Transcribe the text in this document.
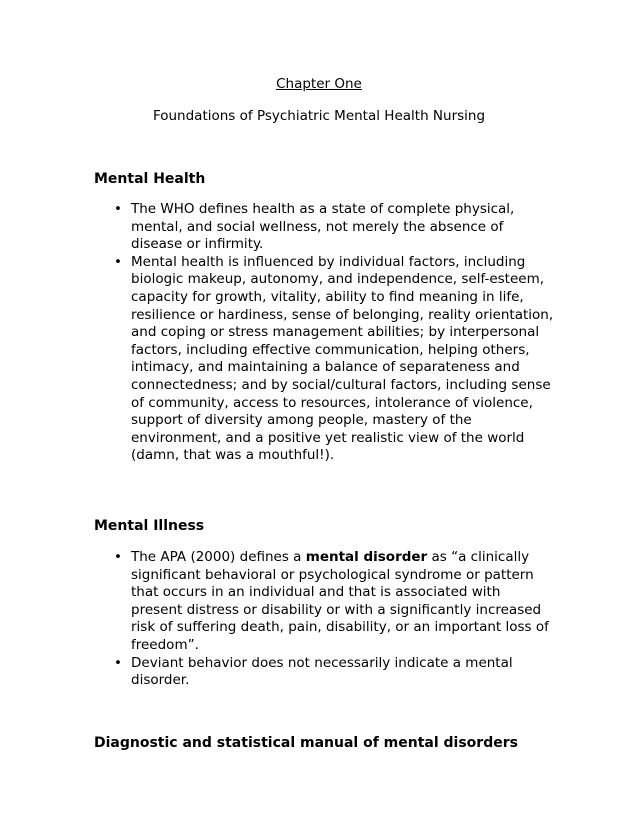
Chapter One
Foundations of Psychiatric Mental Health Nursing
Mental Health
• The WHO defines health as a state of complete physical, mental, and social wellness, not merely the absence of disease or infirmity.
• Mental health is influenced by individual factors, including biologic makeup, autonomy, and independence, self-esteem, capacity for growth, vitality, ability to find meaning in life, resilience or hardiness, sense of belonging, reality orientation, and coping or stress management abilities; by interpersonal factors, including effective communication, helping others, intimacy, and maintaining a balance of separateness and connectedness; and by social/cultural factors, including sense of community, access to resources, intolerance of violence, support of diversity among people, mastery of the environment, and a positive yet realistic view of the world (damn, that was a mouthful!).
Mental Illness
• The APA (2000) defines a mental disorder as “a clinically significant behavioral or psychological syndrome or pattern that occurs in an individual and that is associated with present distress or disability or with a significantly increased risk of suffering death, pain, disability, or an important loss of freedom”.
• Deviant behavior does not necessarily indicate a mental disorder.
Diagnostic and statistical manual of mental disorders
